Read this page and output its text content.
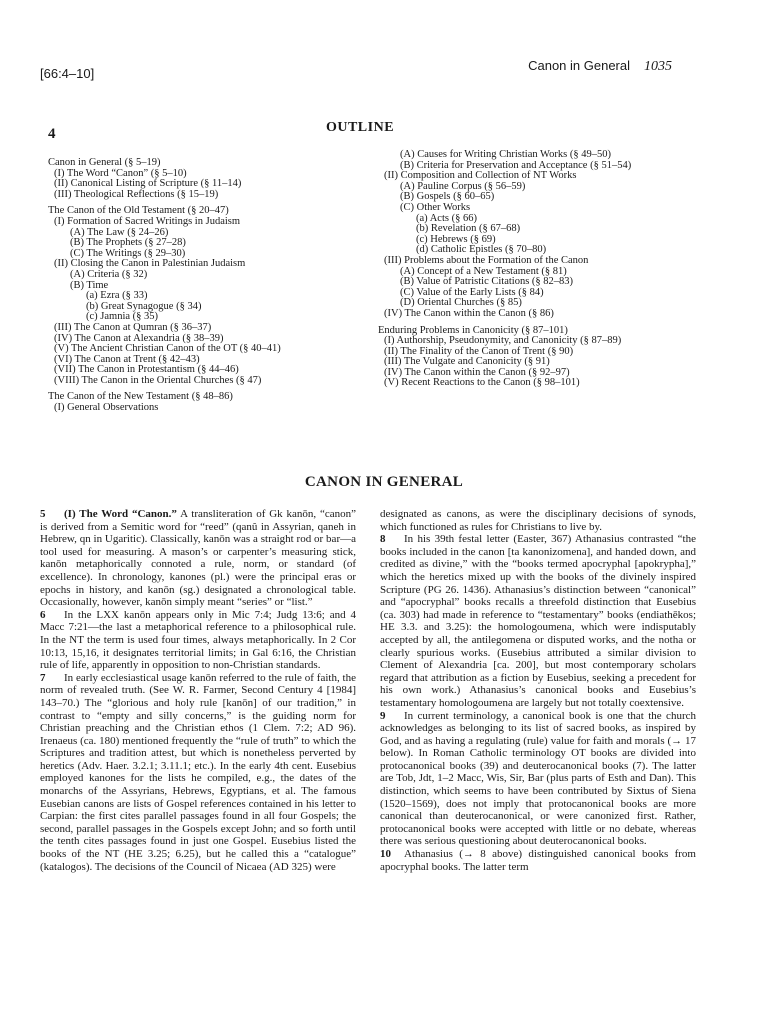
[66:4–10]
Canon in General 1035
4	OUTLINE
Canon in General (§ 5–19)
(I) The Word “Canon” (§ 5–10)
(II) Canonical Listing of Scripture (§ 11–14)
(III) Theological Reflections (§ 15–19)
The Canon of the Old Testament (§ 20–47)
(I) Formation of Sacred Writings in Judaism
(A) The Law (§ 24–26)
(B) The Prophets (§ 27–28)
(C) The Writings (§ 29–30)
(II) Closing the Canon in Palestinian Judaism
(A) Criteria (§ 32)
(B) Time
(a) Ezra (§ 33)
(b) Great Synagogue (§ 34)
(c) Jamnia (§ 35)
(III) The Canon at Qumran (§ 36–37)
(IV) The Canon at Alexandria (§ 38–39)
(V) The Ancient Christian Canon of the OT (§ 40–41)
(VI) The Canon at Trent (§ 42–43)
(VII) The Canon in Protestantism (§ 44–46)
(VIII) The Canon in the Oriental Churches (§ 47)
The Canon of the New Testament (§ 48–86)
(I) General Observations
(A) Causes for Writing Christian Works (§ 49–50)
(B) Criteria for Preservation and Acceptance (§ 51–54)
(II) Composition and Collection of NT Works
(A) Pauline Corpus (§ 56–59)
(B) Gospels (§ 60–65)
(C) Other Works
(a) Acts (§ 66)
(b) Revelation (§ 67–68)
(c) Hebrews (§ 69)
(d) Catholic Epistles (§ 70–80)
(III) Problems about the Formation of the Canon
(A) Concept of a New Testament (§ 81)
(B) Value of Patristic Citations (§ 82–83)
(C) Value of the Early Lists (§ 84)
(D) Oriental Churches (§ 85)
(IV) The Canon within the Canon (§ 86)
Enduring Problems in Canonicity (§ 87–101)
(I) Authorship, Pseudonymity, and Canonicity (§ 87–89)
(II) The Finality of the Canon of Trent (§ 90)
(III) The Vulgate and Canonicity (§ 91)
(IV) The Canon within the Canon (§ 92–97)
(V) Recent Reactions to the Canon (§ 98–101)
CANON IN GENERAL

5 (I) The Word “Canon.” A transliteration of Gk kanōn, “canon” is derived from a Semitic word for “reed” (qanû in Assyrian, qaneh in Hebrew, qn in Ugaritic). Classically, kanōn was a straight rod or bar—a tool used for measuring. A mason’s or carpenter’s measuring stick, kanōn metaphorically connoted a rule, norm, or standard (of excellence). In chronology, kanones (pl.) were the principal eras or epochs in history, and kanōn (sg.) designated a chronological table. Occasionally, however, kanōn simply meant “series” or “list.”

6 In the LXX kanōn appears only in Mic 7:4; Judg 13:6; and 4 Macc 7:21—the last a metaphorical reference to a philosophical rule. In the NT the term is used four times, always metaphorically. In 2 Cor 10:13, 15,16, it designates territorial limits; in Gal 6:16, the Christian rule of life, apparently in opposition to non-Christian standards.

7 In early ecclesiastical usage kanōn referred to the rule of faith, the norm of revealed truth. (See W. R. Farmer, Second Century 4 [1984] 143–70.) The “glorious and holy rule [kanōn] of our tradition,” in contrast to “empty and silly concerns,” is the guiding norm for Christian preaching and the Christian ethos (1 Clem. 7:2; AD 96). Irenaeus (ca. 180) mentioned frequently the “rule of truth” to which the Scriptures and tradition attest, but which is nonetheless perverted by heretics (Adv. Haer. 3.2.1; 3.11.1; etc.). In the early 4th cent. Eusebius employed kanones for the lists he compiled, e.g., the dates of the monarchs of the Assyrians, Hebrews, Egyptians, et al. The famous Eusebian canons are lists of Gospel references contained in his letter to Carpian: the first cites parallel passages found in all four Gospels; the second, parallel passages in the Gospels except John; and so forth until the tenth cites passages found in just one Gospel. Eusebius listed the books of the NT (HE 3.25; 6.25), but he called this a “catalogue” (katalogos). The decisions of the Council of Nicaea (AD 325) were

designated as canons, as were the disciplinary decisions of synods, which functioned as rules for Christians to live by.

8 In his 39th festal letter (Easter, 367) Athanasius contrasted “the books included in the canon [ta kanonizomena], and handed down, and credited as divine,” with the “books termed apocryphal [apokrypha],” which the heretics mixed up with the books of the divinely inspired Scripture (PG 26. 1436). Athanasius’s distinction between “canonical” and “apocryphal” books recalls a threefold distinction that Eusebius (ca. 303) had made in reference to “testamentary” books (endiathēkos; HE 3.3. and 3.25): the homologoumena, which were indisputably accepted by all, the antilegomena or disputed works, and the notha or clearly spurious works. (Eusebius attributed a similar division to Clement of Alexandria [ca. 200], but most contemporary scholars regard that attribution as a fiction by Eusebius, seeking a precedent for his own work.) Athanasius’s canonical books and Eusebius’s testamentary homologoumena are largely but not totally coextensive.

9 In current terminology, a canonical book is one that the church acknowledges as belonging to its list of sacred books, as inspired by God, and as having a regulating (rule) value for faith and morals (→ 17 below). In Roman Catholic terminology OT books are divided into protocanonical books (39) and deuterocanonical books (7). The latter are Tob, Jdt, 1–2 Macc, Wis, Sir, Bar (plus parts of Esth and Dan). This distinction, which seems to have been contributed by Sixtus of Siena (1520–1569), does not imply that protocanonical books are more canonical than deuterocanonical, or were canonized first. Rather, protocanonical books were accepted with little or no debate, whereas there was serious questioning about deuterocanonical books.

10 Athanasius (→ 8 above) distinguished canonical books from apocryphal books. The latter term
